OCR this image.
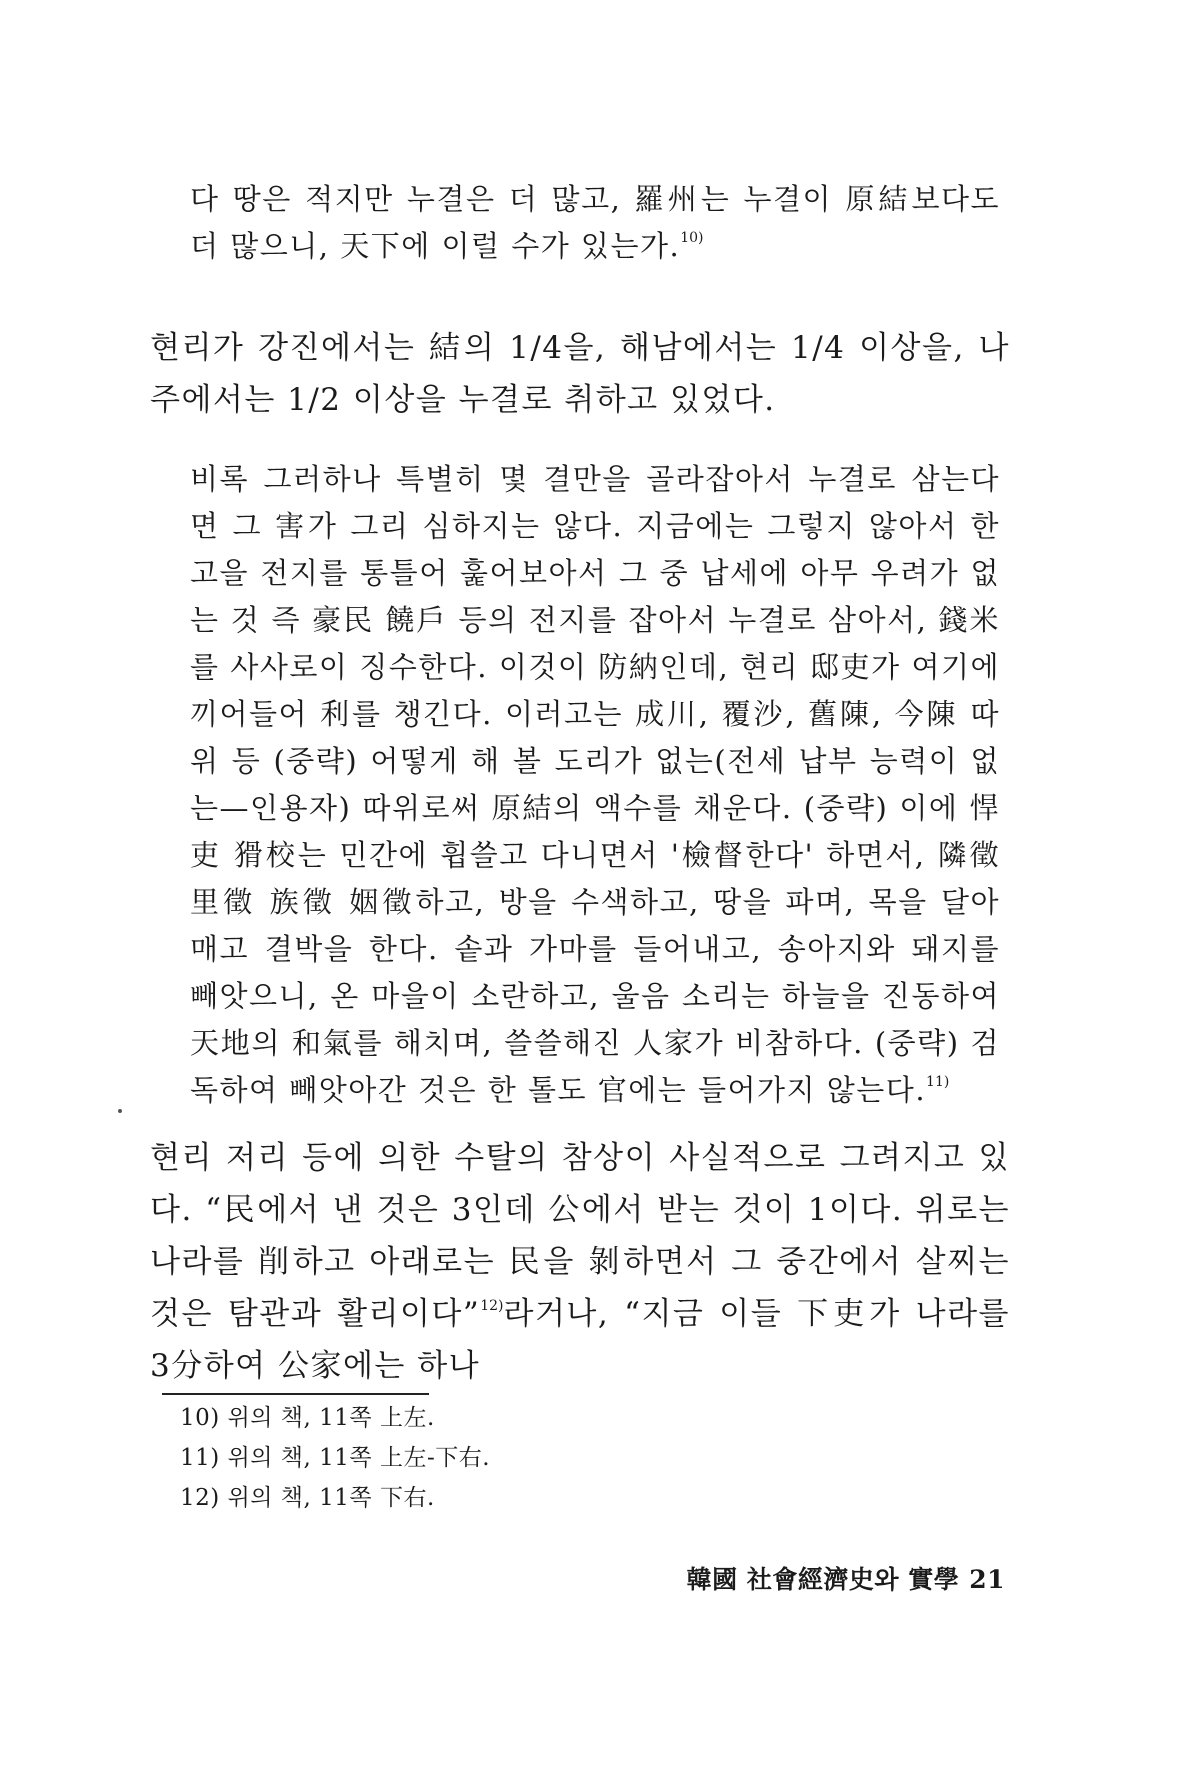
다 땅은 적지만 누결은 더 많고, 羅州는 누결이 原結보다도 더 많으니, 天下에 이럴 수가 있는가.$^{10)}$
현리가 강진에서는 結의 1/4을, 해남에서는 1/4 이상을, 나주에서는 1/2 이상을 누결로 취하고 있었다.
비록 그러하나 특별히 몇 결만을 골라잡아서 누결로 삼는다면 그 害가 그리 심하지는 않다. 지금에는 그렇지 않아서 한 고을 전지를 통틀어 훑어보아서 그 중 납세에 아무 우려가 없는 것 즉 豪民 饒戶 등의 전지를 잡아서 누결로 삼아서, 錢米를 사사로이 징수한다. 이것이 防納인데, 현리 邸吏가 여기에 끼어들어 利를 챙긴다. 이러고는 成川, 覆沙, 舊陳, 今陳 따위 등 (중략) 어떻게 해 볼 도리가 없는(전세 납부 능력이 없는—인용자) 따위로써 原結의 액수를 채운다. (중략) 이에 悍吏 猾校는 민간에 휩쓸고 다니면서 '檢督한다' 하면서, 隣徵 里徵 族徵 姻徵하고, 방을 수색하고, 땅을 파며, 목을 달아 매고 결박을 한다. 솥과 가마를 들어내고, 송아지와 돼지를 빼앗으니, 온 마을이 소란하고, 울음 소리는 하늘을 진동하여 天地의 和氣를 해치며, 쓸쓸해진 人家가 비참하다. (중략) 검독하여 빼앗아간 것은 한 톨도 官에는 들어가지 않는다.$^{11)}$
현리 저리 등에 의한 수탈의 참상이 사실적으로 그려지고 있다. “民에서 낸 것은 3인데 公에서 받는 것이 1이다. 위로는 나라를 削하고 아래로는 民을 剝하면서 그 중간에서 살찌는 것은 탐관과 활리이다”$^{12)}$라거나, “지금 이들 下吏가 나라를 3分하여 公家에는 하나
10) 위의 책, 11쪽 上左.
11) 위의 책, 11쪽 上左-下右.
12) 위의 책, 11쪽 下右.
韓國 社會經濟史와 實學 21
